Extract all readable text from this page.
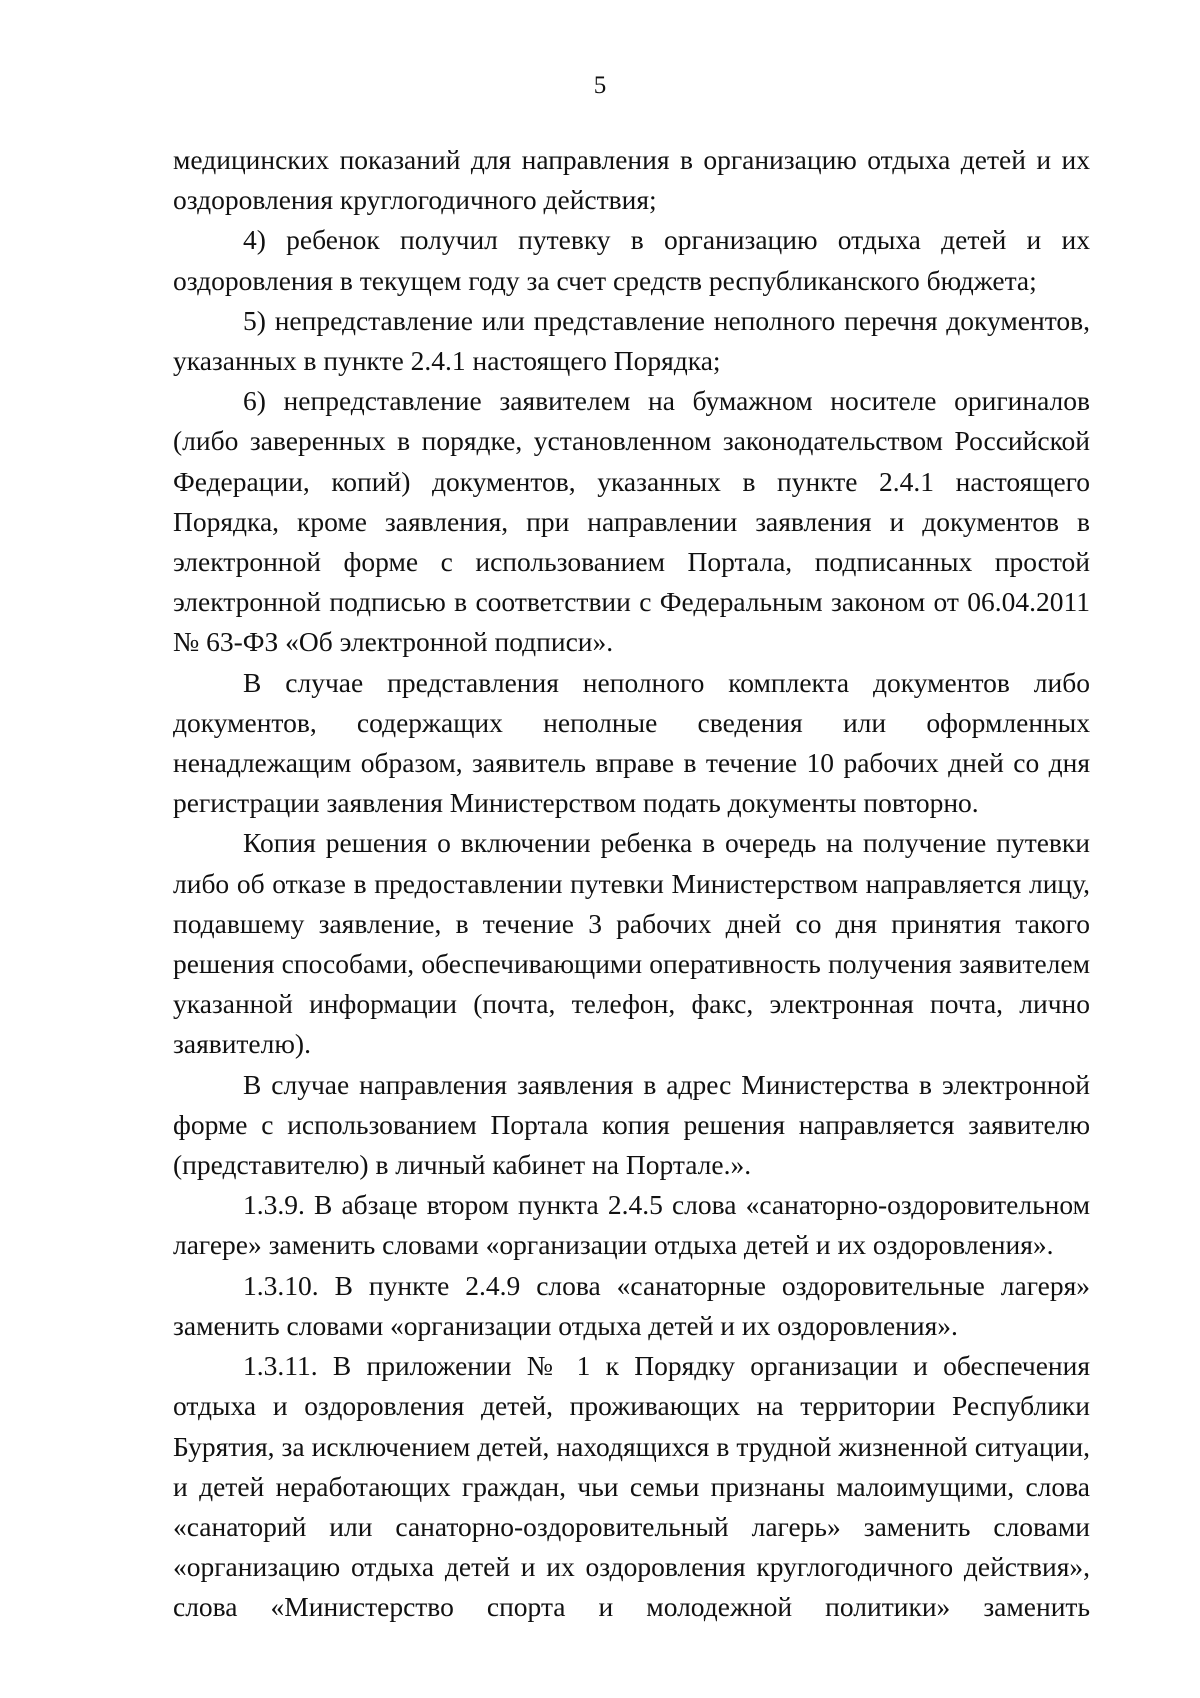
5

медицинских показаний для направления в организацию отдыха детей и их оздоровления круглогодичного действия;

4) ребенок получил путевку в организацию отдыха детей и их оздоровления в текущем году за счет средств республиканского бюджета;

5) непредставление или представление неполного перечня документов, указанных в пункте 2.4.1 настоящего Порядка;

6) непредставление заявителем на бумажном носителе оригиналов (либо заверенных в порядке, установленном законодательством Российской Федерации, копий) документов, указанных в пункте 2.4.1 настоящего Порядка, кроме заявления, при направлении заявления и документов в электронной форме с использованием Портала, подписанных простой электронной подписью в соответствии с Федеральным законом от 06.04.2011 № 63-ФЗ «Об электронной подписи».

В случае представления неполного комплекта документов либо документов, содержащих неполные сведения или оформленных ненадлежащим образом, заявитель вправе в течение 10 рабочих дней со дня регистрации заявления Министерством подать документы повторно.

Копия решения о включении ребенка в очередь на получение путевки либо об отказе в предоставлении путевки Министерством направляется лицу, подавшему заявление, в течение 3 рабочих дней со дня принятия такого решения способами, обеспечивающими оперативность получения заявителем указанной информации (почта, телефон, факс, электронная почта, лично заявителю).

В случае направления заявления в адрес Министерства в электронной форме с использованием Портала копия решения направляется заявителю (представителю) в личный кабинет на Портале.».

1.3.9. В абзаце втором пункта 2.4.5 слова «санаторно-оздоровительном лагере» заменить словами «организации отдыха детей и их оздоровления».

1.3.10. В пункте 2.4.9 слова «санаторные оздоровительные лагеря» заменить словами «организации отдыха детей и их оздоровления».

1.3.11. В приложении № 1 к Порядку организации и обеспечения отдыха и оздоровления детей, проживающих на территории Республики Бурятия, за исключением детей, находящихся в трудной жизненной ситуации, и детей неработающих граждан, чьи семьи признаны малоимущими, слова «санаторий или санаторно-оздоровительный лагерь» заменить словами «организацию отдыха детей и их оздоровления круглогодичного действия», слова «Министерство спорта и молодежной политики» заменить
